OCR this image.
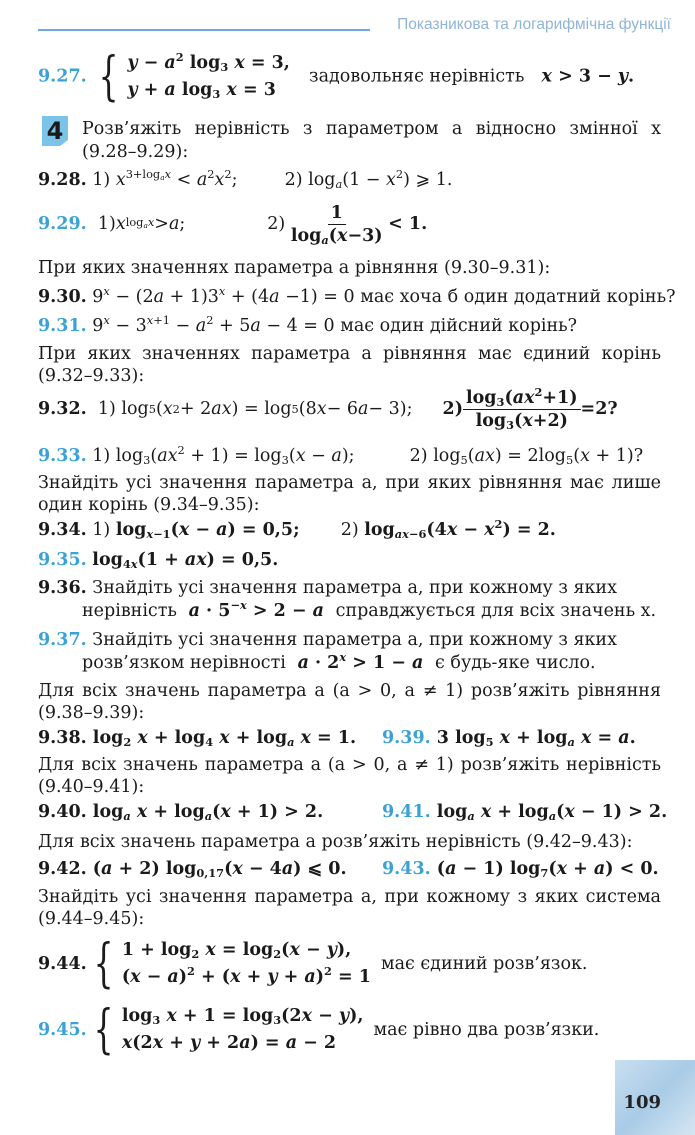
Показникова та логарифмічна функції
9.27. { $y - a^2$ $\log_3 x = 3$,
y + a $\log_3 x = 3$
задовольняє нерівність x > 3 − y.
4 Розв’яжіть нерівність з параметром a відносно змінної x (9.28–9.29):
9.28. 1) $x^{3+log_ax} < a^2x^2$;  2) $\log_a(1 - x^2)$ ⩾ 1.
9.29. 1) x $\log_ax > a$ ;	$2) \frac{1}{\log_a(x-3)}$
< 1.
При яких значеннях параметра a рівняння (9.30–9.31):
9.30. $9^x - (2a + 1)3^x + (4a -1) = 0$ має хоча б один додатний корінь?
9.31. $9^x - 3^{x+1} - a^2 + 5a - 4 = 0$ має один дійсний корінь?
При яких значеннях параметра a рівняння має єдиний корінь (9.32–9.33):
9.32. 1) log 5 ( x 2 + 2 ax ) = log 5 (8 x − 6 a − 3); $2) \frac{\log_3(ax^2+1)}{\log_3(x+2)} =2$?
9.33. 1) $\log_3(ax^2 + 1) = \log_3(x - a)$;	2) $\log_5(ax) = 2\log_5(x + 1)$?
Знайдіть усі значення параметра a, при яких рівняння має лише один корінь (9.34–9.35):
9.34. 1) $\log_{x-1}(x - a) = 0,5$;  2) $\log_{ax-6}(4x - x^2) = 2$.
9.35. $\log_{4x}(1 + ax) = 0,5$.
9.36. Знайдіть усі значення параметра a, при кожному з яких
нерівність $a \cdot 5^{-x} > 2 - a$ справджується для всіх значень x.
9.37. Знайдіть усі значення параметра a, при кожному з яких
розв’язком нерівності $a \cdot 2^x > 1 - a$ є будь-яке число.
Для всіх значень параметра a (a > 0, a ≠ 1) розв’яжіть рівняння (9.38–9.39):
9.38. $\log_2 x + \log_4 x + \log_a x = 1$.	9.39. 3 $\log_5 x + \log_a x = a$.
Для всіх значень параметра a (a > 0, a ≠ 1) розв’яжіть нерівність (9.40–9.41):
9.40. $\log_a x + \log_a(x + 1) > 2$.	9.41. $\log_a x + \log_a(x - 1) > 2$.
Для всіх значень параметра a розв’яжіть нерівність (9.42–9.43):
9.42. (a + 2) $\log_{0,17}(x - 4a)$ ⩽ 0.	9.43. (a − 1) $\log_7(x + a) < 0$.
Знайдіть усі значення параметра a, при кожному з яких система (9.44–9.45):
9.44. { $1 + \log_2 x = \log_2(x - y)$,
$(x - a)^2 + (x + y + a)^2 = 1$
має єдиний розв’язок.
9.45. { $\log_3 x + 1 = \log_3(2x - y)$,
x(2x + y + 2a) = a − 2
має рівно два розв’язки.
109
